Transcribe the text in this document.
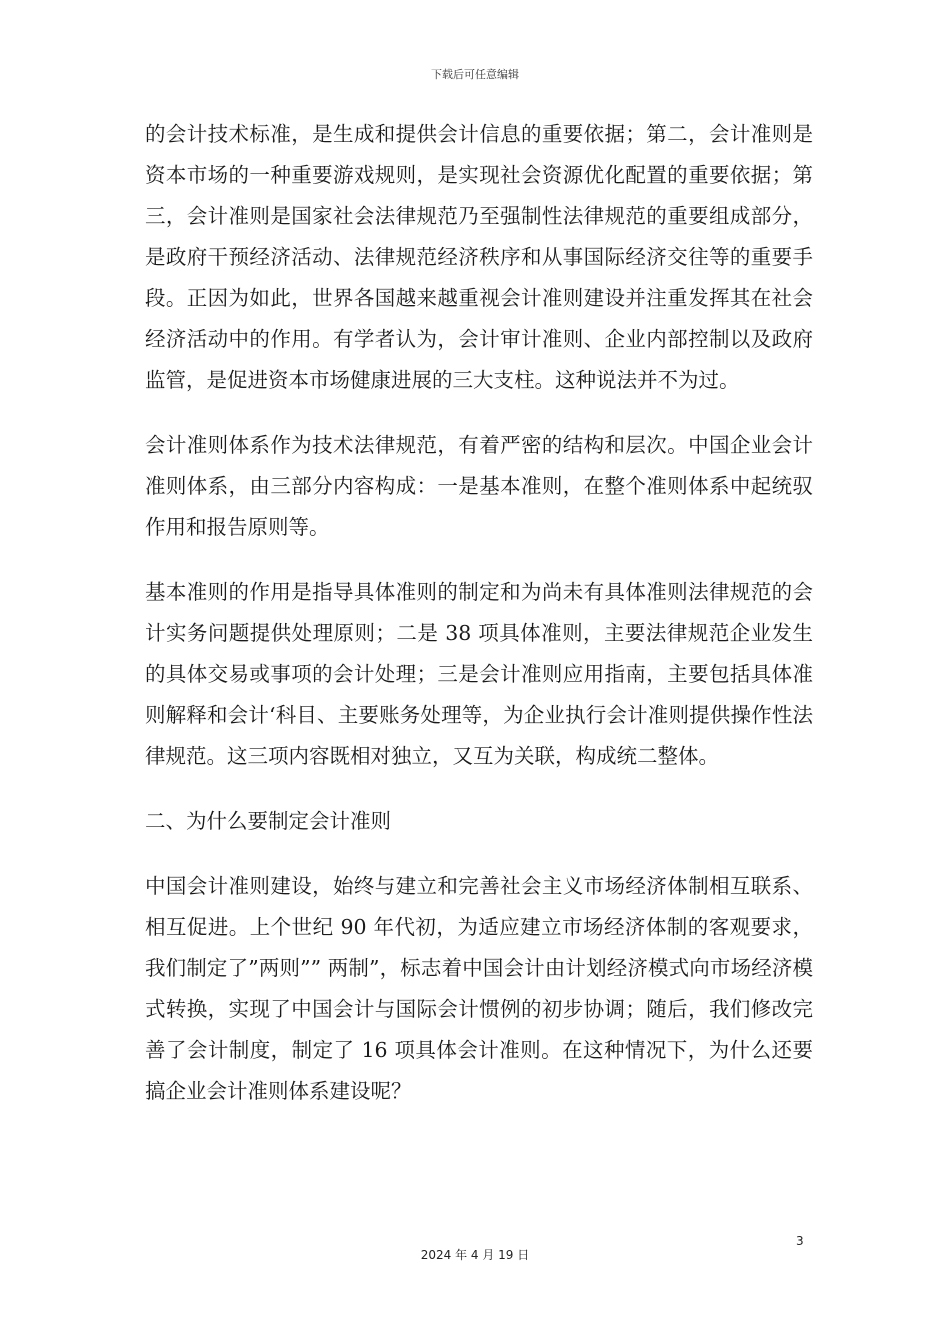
下载后可任意编辑

的会计技术标准，是生成和提供会计信息的重要依据；第二，会计准则是资本市场的一种重要游戏规则，是实现社会资源优化配置的重要依据；第三，会计准则是国家社会法律规范乃至强制性法律规范的重要组成部分，是政府干预经济活动、法律规范经济秩序和从事国际经济交往等的重要手段。正因为如此，世界各国越来越重视会计准则建设并注重发挥其在社会经济活动中的作用。有学者认为，会计审计准则、企业内部控制以及政府监管，是促进资本市场健康进展的三大支柱。这种说法并不为过。

会计准则体系作为技术法律规范，有着严密的结构和层次。中国企业会计准则体系，由三部分内容构成：一是基本准则，在整个准则体系中起统驭作用和报告原则等。

基本准则的作用是指导具体准则的制定和为尚未有具体准则法律规范的会计实务问题提供处理原则；二是 38 项具体准则，主要法律规范企业发生的具体交易或事项的会计处理；三是会计准则应用指南，主要包括具体准则解释和会计‘科目、主要账务处理等，为企业执行会计准则提供操作性法律规范。这三项内容既相对独立，又互为关联，构成统二整体。

二、为什么要制定会计准则

中国会计准则建设，始终与建立和完善社会主义市场经济体制相互联系、相互促进。上个世纪 90 年代初，为适应建立市场经济体制的客观要求，我们制定了”两则”” 两制”，标志着中国会计由计划经济模式向市场经济模式转换，实现了中国会计与国际会计惯例的初步协调；随后，我们修改完善了会计制度，制定了 16 项具体会计准则。在这种情况下，为什么还要搞企业会计准则体系建设呢？

3
2024 年 4 月 19 日
